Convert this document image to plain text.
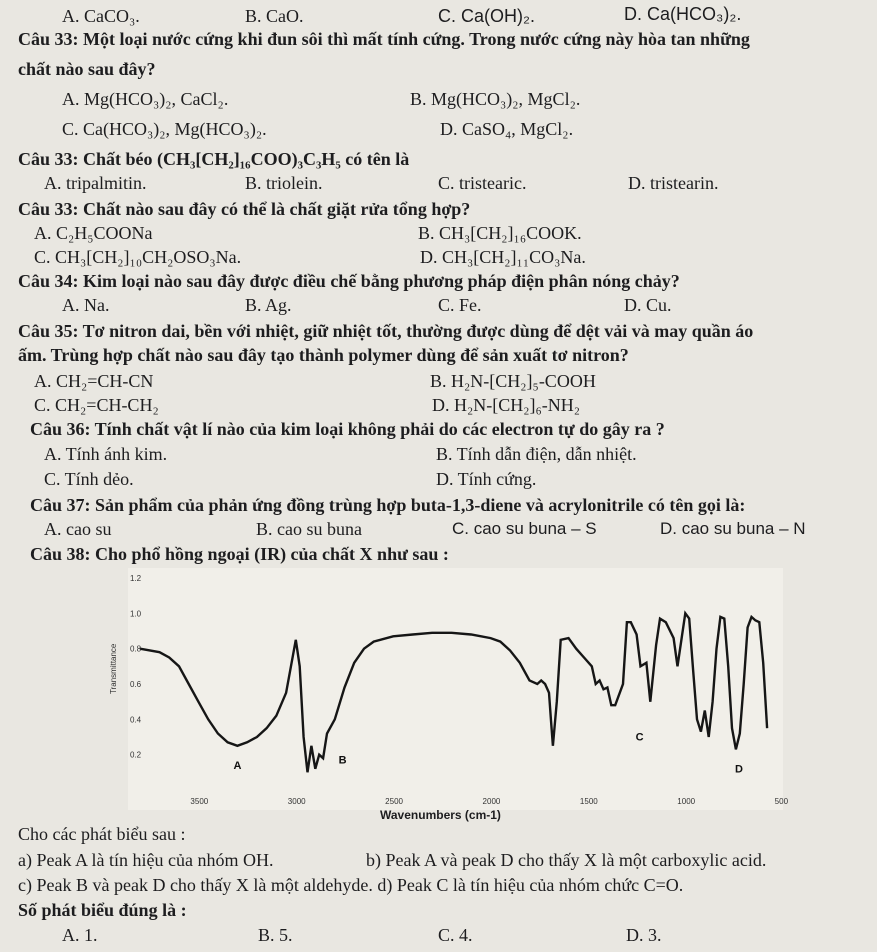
A. CaCO₃.	B. CaO.	C. Ca(OH)₂.	D. Ca(HCO₃)₂.
Câu 33: Một loại nước cứng khi đun sôi thì mất tính cứng. Trong nước cứng này hòa tan những
chất nào sau đây?
A. Mg(HCO₃)₂, CaCl₂.	B. Mg(HCO₃)₂, MgCl₂.
C. Ca(HCO₃)₂, Mg(HCO₃)₂.	D. CaSO₄, MgCl₂.
Câu 33: Chất béo (CH₃[CH₂]₁₆COO)₃C₃H₅ có tên là
A. tripalmitin.	B. triolein.	C. tristearic.	D. tristearin.
Câu 33: Chất nào sau đây có thể là chất giặt rửa tổng hợp?
A. C₂H₅COONa	B. CH₃[CH₂]₁₆COOK.
C. CH₃[CH₂]₁₀CH₂OSO₃Na.	D. CH₃[CH₂]₁₁CO₃Na.
Câu 34: Kim loại nào sau đây được điều chế bằng phương pháp điện phân nóng chảy?
A. Na.	B. Ag.	C. Fe.	D. Cu.
Câu 35: Tơ nitron dai, bền với nhiệt, giữ nhiệt tốt, thường được dùng để dệt vải và may quần áo
ấm. Trùng hợp chất nào sau đây tạo thành polymer dùng để sản xuất tơ nitron?
A. CH₂=CH-CN	B. H₂N-[CH₂]₅-COOH
C. CH₂=CH-CH₂	D. H₂N-[CH₂]₆-NH₂
Câu 36: Tính chất vật lí nào của kim loại không phải do các electron tự do gây ra ?
A. Tính ánh kim.	B. Tính dẫn điện, dẫn nhiệt.
C. Tính dẻo.	D. Tính cứng.
Câu 37: Sản phẩm của phản ứng đồng trùng hợp buta-1,3-diene và acrylonitrile có tên gọi là:
A. cao su	B. cao su buna	C. cao su buna – S	D. cao su buna – N
Câu 38: Cho phổ hồng ngoại (IR) của chất X như sau :
0.2
0.4
0.6
0.8
1.0
1.2
3500	3000	2500	2000	1500	1000	500
Transmittance
A	B
C
D
Cho các phát biểu sau :
a) Peak A là tín hiệu của nhóm OH.	b) Peak A và peak D cho thấy X là một carboxylic acid.
c) Peak B và peak D cho thấy X là một aldehyde. d) Peak C là tín hiệu của nhóm chức C=O.
Số phát biểu đúng là :
A. 1.	B. 5.	C. 4.	D. 3.
Wavenumbers (cm-1)
